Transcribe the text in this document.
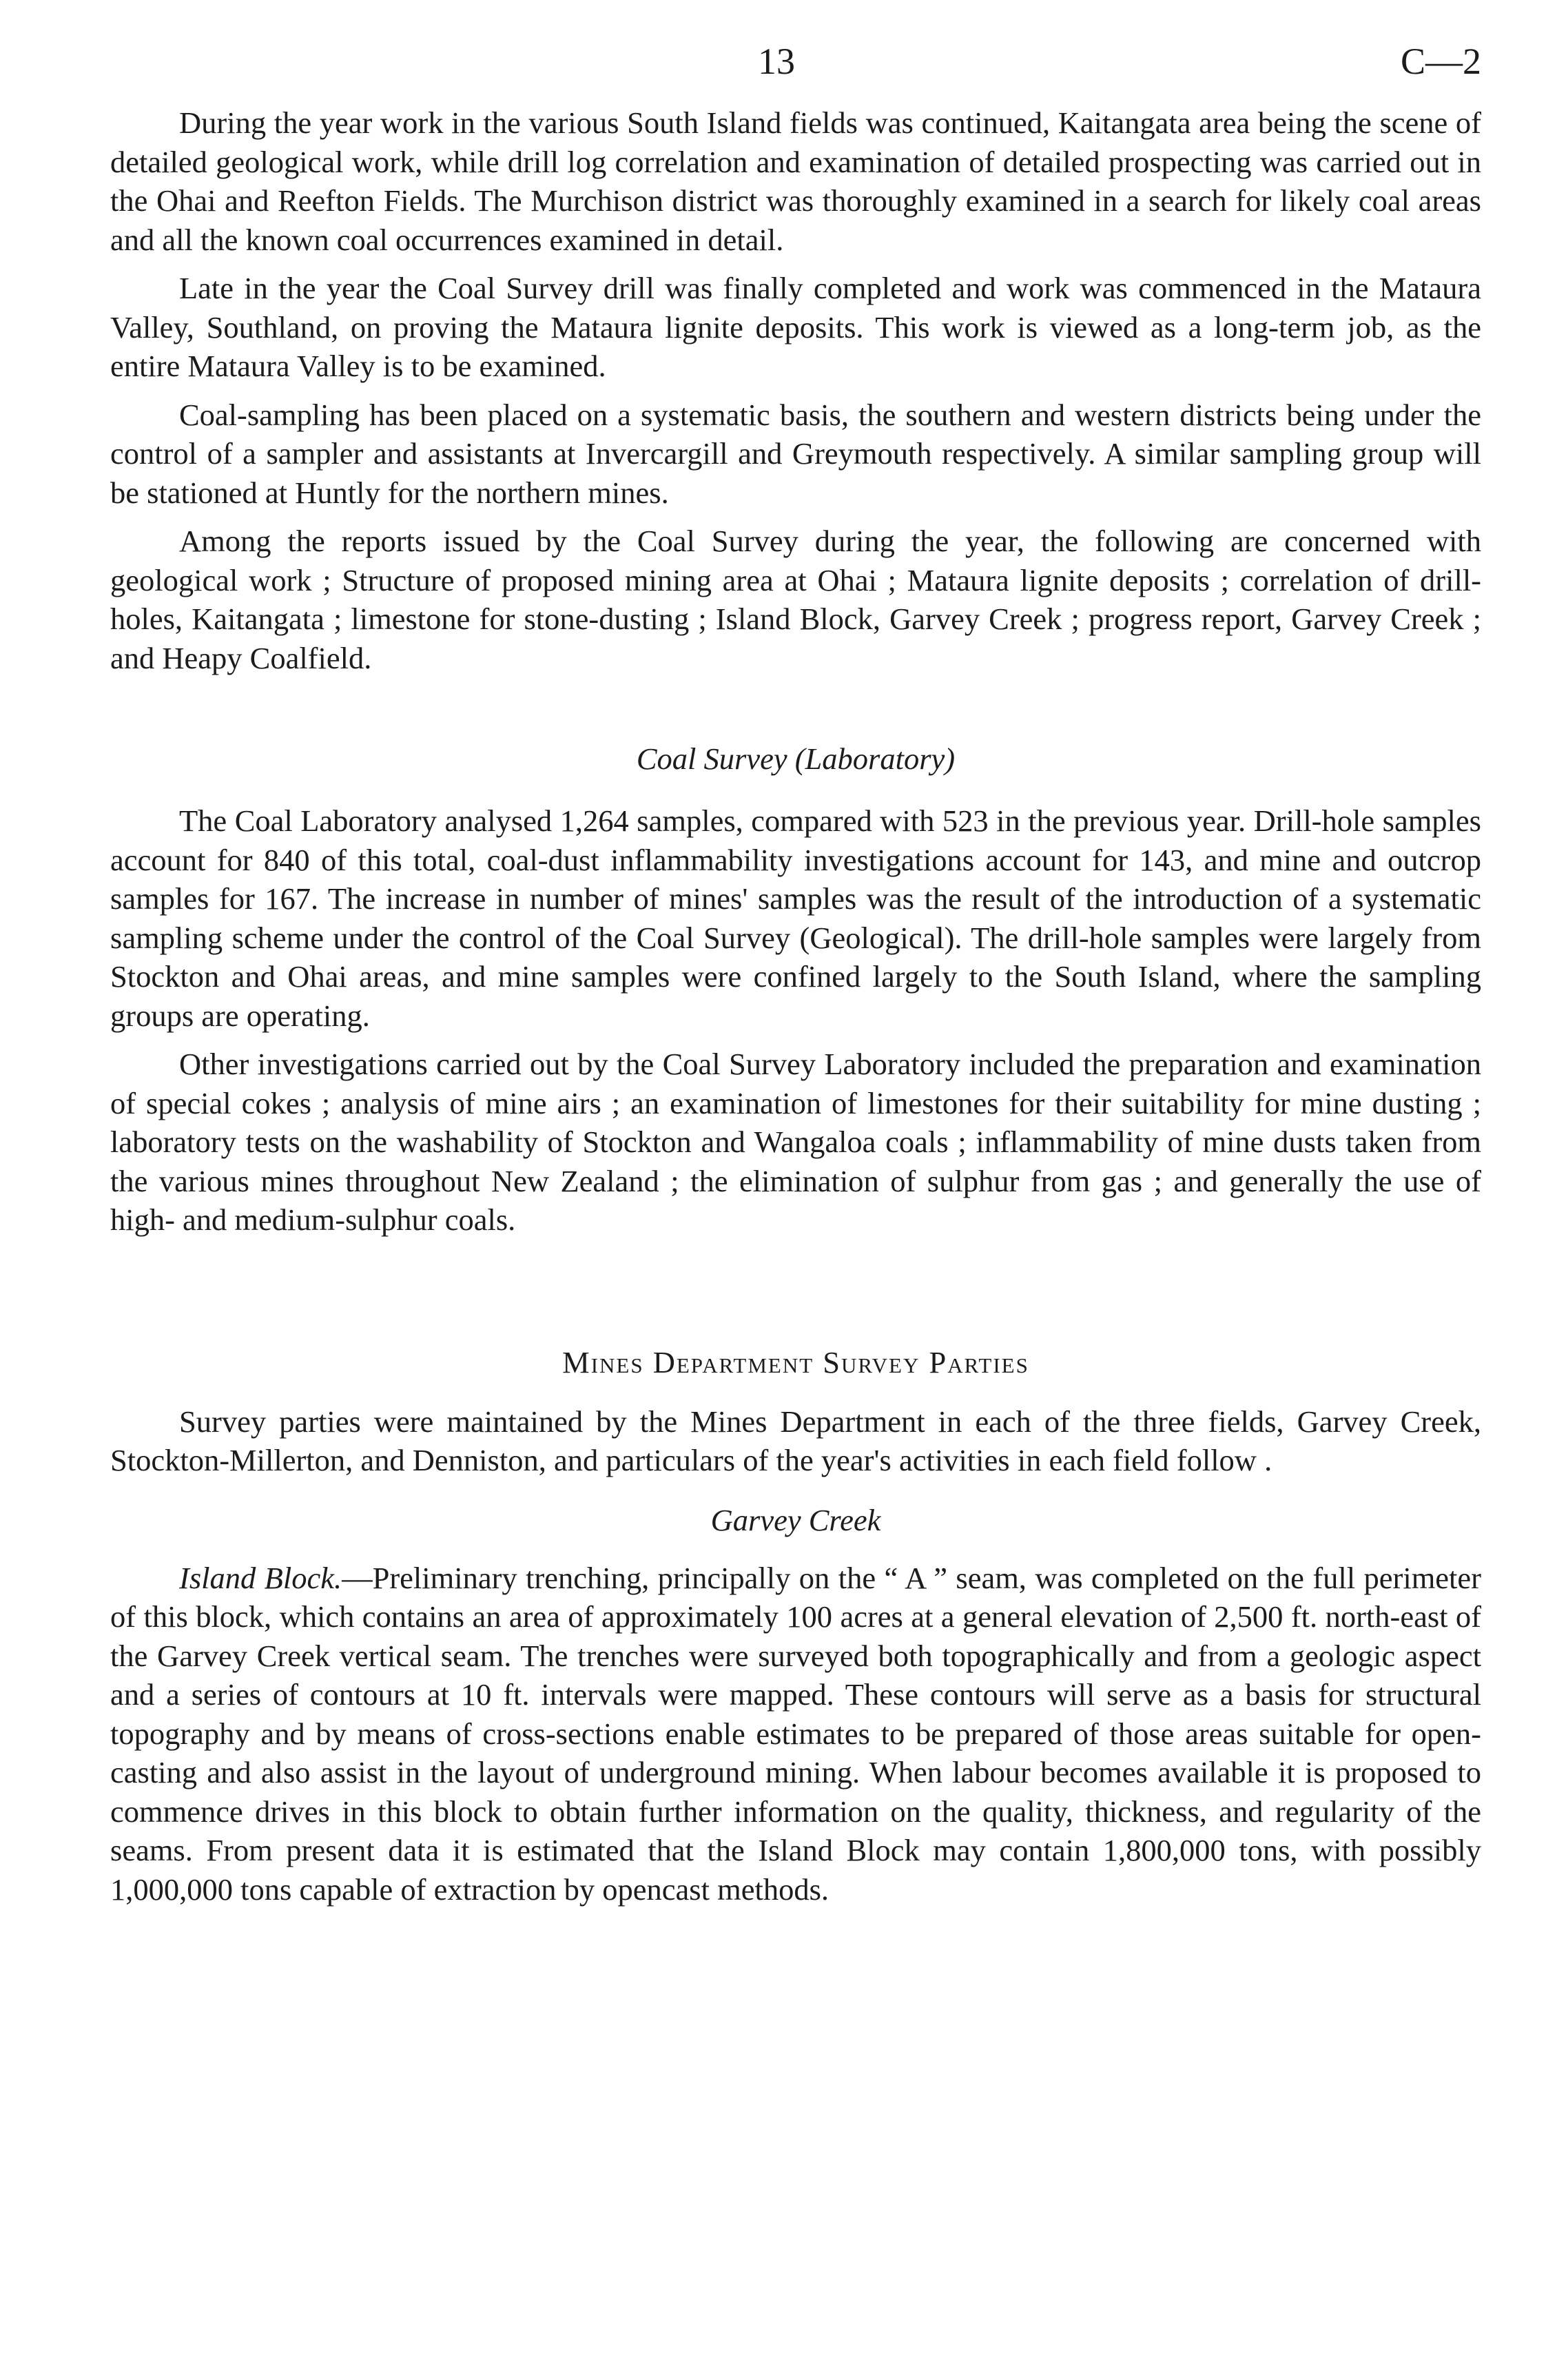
13	C—2

During the year work in the various South Island fields was continued, Kaitangata area being the scene of detailed geological work, while drill log correlation and examination of detailed prospecting was carried out in the Ohai and Reefton Fields. The Murchison district was thoroughly examined in a search for likely coal areas and all the known coal occurrences examined in detail.

Late in the year the Coal Survey drill was finally completed and work was commenced in the Mataura Valley, Southland, on proving the Mataura lignite deposits. This work is viewed as a long-term job, as the entire Mataura Valley is to be examined.

Coal-sampling has been placed on a systematic basis, the southern and western districts being under the control of a sampler and assistants at Invercargill and Greymouth respectively. A similar sampling group will be stationed at Huntly for the northern mines.

Among the reports issued by the Coal Survey during the year, the following are concerned with geological work ; Structure of proposed mining area at Ohai ; Mataura lignite deposits ; correlation of drill-holes, Kaitangata ; limestone for stone-dusting ; Island Block, Garvey Creek ; progress report, Garvey Creek ; and Heapy Coalfield.

Coal Survey (Laboratory)

The Coal Laboratory analysed 1,264 samples, compared with 523 in the previous year. Drill-hole samples account for 840 of this total, coal-dust inflammability investigations account for 143, and mine and outcrop samples for 167. The increase in number of mines' samples was the result of the introduction of a systematic sampling scheme under the control of the Coal Survey (Geological). The drill-hole samples were largely from Stockton and Ohai areas, and mine samples were confined largely to the South Island, where the sampling groups are operating.

Other investigations carried out by the Coal Survey Laboratory included the preparation and examination of special cokes ; analysis of mine airs ; an examination of limestones for their suitability for mine dusting ; laboratory tests on the washability of Stockton and Wangaloa coals ; inflammability of mine dusts taken from the various mines throughout New Zealand ; the elimination of sulphur from gas ; and generally the use of high- and medium-sulphur coals.

Mines Department Survey Parties

Survey parties were maintained by the Mines Department in each of the three fields, Garvey Creek, Stockton-Millerton, and Denniston, and particulars of the year's activities in each field follow .

Garvey Creek

Island Block.—Preliminary trenching, principally on the “ A ” seam, was completed on the full perimeter of this block, which contains an area of approximately 100 acres at a general elevation of 2,500 ft. north-east of the Garvey Creek vertical seam. The trenches were surveyed both topographically and from a geologic aspect and a series of contours at 10 ft. intervals were mapped. These contours will serve as a basis for structural topography and by means of cross-sections enable estimates to be prepared of those areas suitable for open-casting and also assist in the layout of underground mining. When labour becomes available it is proposed to commence drives in this block to obtain further information on the quality, thickness, and regularity of the seams. From present data it is estimated that the Island Block may contain 1,800,000 tons, with possibly 1,000,000 tons capable of extraction by opencast methods.
